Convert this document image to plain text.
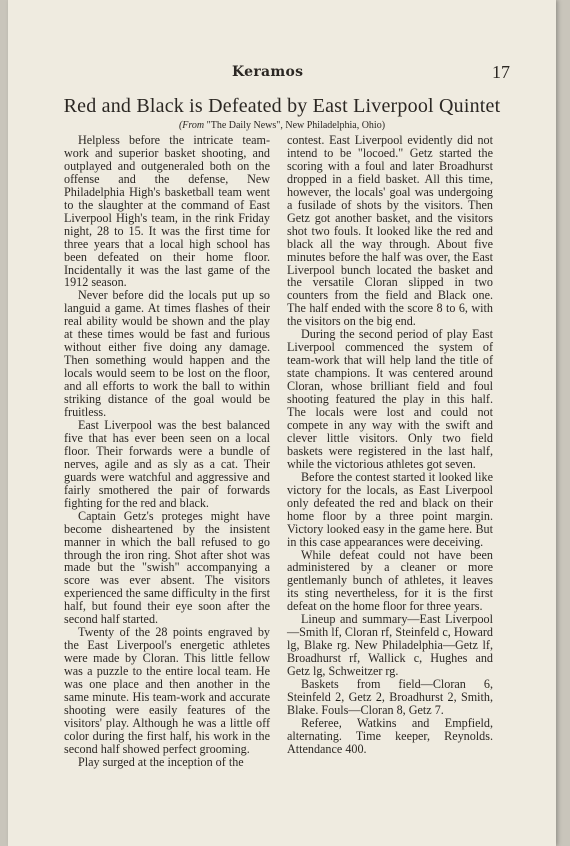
Keramos	17
Red and Black is Defeated by East Liverpool Quintet
(From "The Daily News", New Philadelphia, Ohio)

Helpless before the intricate team-work and superior basket shooting, and outplayed and outgeneraled both on the offense and the defense, New Philadelphia High's basketball team went to the slaughter at the command of East Liverpool High's team, in the rink Friday night, 28 to 15. It was the first time for three years that a local high school has been defeated on their home floor. Incidentally it was the last game of the 1912 season.

Never before did the locals put up so languid a game. At times flashes of their real ability would be shown and the play at these times would be fast and furious without either five doing any damage. Then something would happen and the locals would seem to be lost on the floor, and all efforts to work the ball to within striking distance of the goal would be fruitless.

East Liverpool was the best balanced five that has ever been seen on a local floor. Their forwards were a bundle of nerves, agile and as sly as a cat. Their guards were watchful and aggressive and fairly smothered the pair of forwards fighting for the red and black.

Captain Getz's proteges might have become disheartened by the insistent manner in which the ball refused to go through the iron ring. Shot after shot was made but the "swish" accompanying a score was ever absent. The visitors experienced the same difficulty in the first half, but found their eye soon after the second half started.

Twenty of the 28 points engraved by the East Liverpool's energetic athletes were made by Cloran. This little fellow was a puzzle to the entire local team. He was one place and then another in the same minute. His team-work and accurate shooting were easily features of the visitors' play. Although he was a little off color during the first half, his work in the second half showed perfect grooming.

Play surged at the inception of the

contest. East Liverpool evidently did not intend to be "locoed." Getz started the scoring with a foul and later Broadhurst dropped in a field basket. All this time, however, the locals' goal was undergoing a fusilade of shots by the visitors. Then Getz got another basket, and the visitors shot two fouls. It looked like the red and black all the way through. About five minutes before the half was over, the East Liverpool bunch located the basket and the versatile Cloran slipped in two counters from the field and Black one. The half ended with the score 8 to 6, with the visitors on the big end.

During the second period of play East Liverpool commenced the system of team-work that will help land the title of state champions. It was centered around Cloran, whose brilliant field and foul shooting featured the play in this half. The locals were lost and could not compete in any way with the swift and clever little visitors. Only two field baskets were registered in the last half, while the victorious athletes got seven.

Before the contest started it looked like victory for the locals, as East Liverpool only defeated the red and black on their home floor by a three point margin. Victory looked easy in the game here. But in this case appearances were deceiving.

While defeat could not have been administered by a cleaner or more gentlemanly bunch of athletes, it leaves its sting nevertheless, for it is the first defeat on the home floor for three years.

Lineup and summary—East Liverpool—Smith lf, Cloran rf, Steinfeld c, Howard lg, Blake rg. New Philadelphia—Getz lf, Broadhurst rf, Wallick c, Hughes and Getz lg, Schweitzer rg.

Baskets from field—Cloran 6, Steinfeld 2, Getz 2, Broadhurst 2, Smith, Blake. Fouls—Cloran 8, Getz 7.

Referee, Watkins and Empfield, alternating. Time keeper, Reynolds. Attendance 400.
